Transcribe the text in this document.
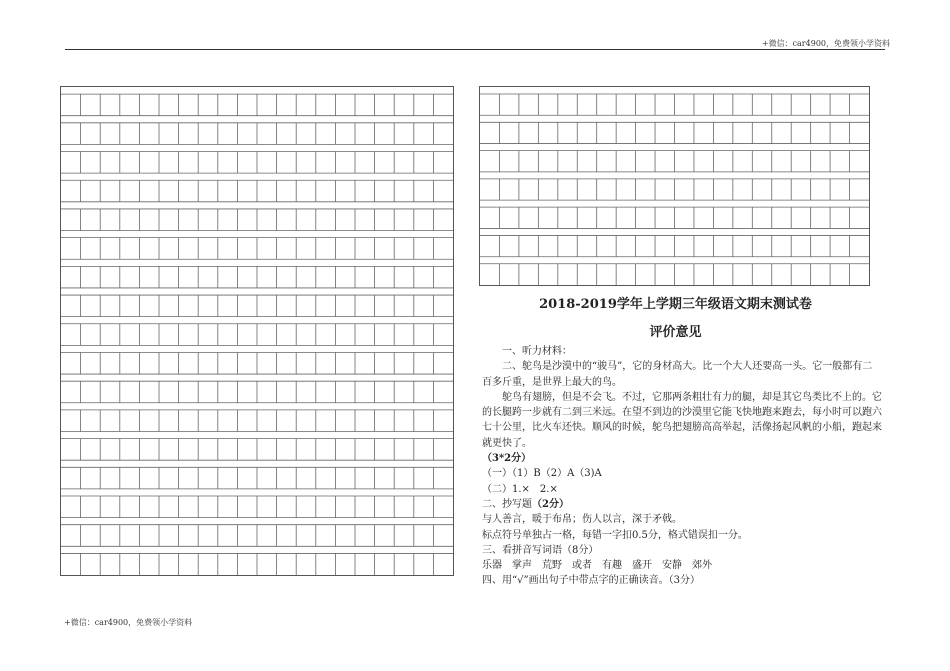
+微信：car4900，免费领小学资料
2018-2019学年上学期三年级语文期末测试卷
评价意见

一、听力材料：

二、鸵鸟是沙漠中的“骏马”，它的身材高大。比一个大人还要高一头。它一般都有二百多斤重，是世界上最大的鸟。

鸵鸟有翅膀，但是不会飞。不过，它那两条粗壮有力的腿，却是其它鸟类比不上的。它的长腿跨一步就有二到三米远。在望不到边的沙漠里它能飞快地跑来跑去，每小时可以跑六七十公里，比火车还快。顺风的时候，鸵鸟把翅膀高高举起，活像扬起风帆的小船，跑起来就更快了。

（3*2分）

（一）（1）B（2）A（3)A

（二）1.×　2.×

二、抄写题（2分）

与人善言，暖于布帛；伤人以言，深于矛戟。

标点符号单独占一格，每错一字扣0.5分，格式错误扣一分。

三、看拼音写词语（8分）

乐器　掌声　荒野　或者　有趣　盛开　安静　郊外

四、用“√”画出句子中带点字的正确读音。（3分）

+微信：car4900，免费领小学资料
